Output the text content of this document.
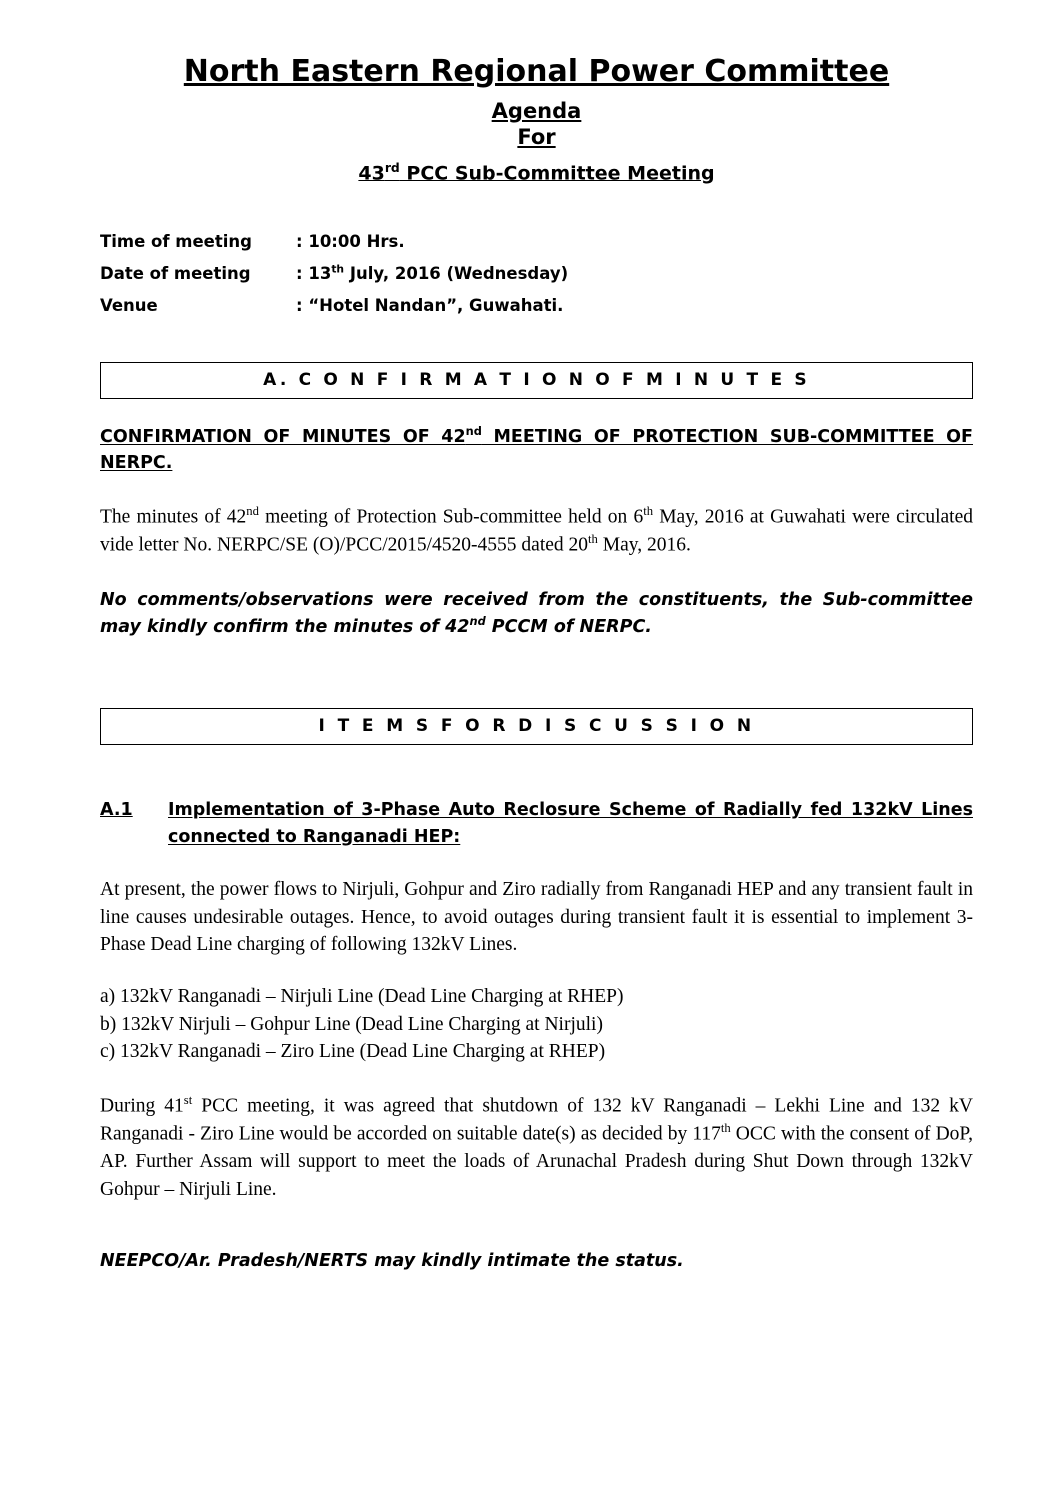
North Eastern Regional Power Committee
Agenda
For
43rd PCC Sub-Committee Meeting
Time of meeting	: 10:00 Hrs.
Date of meeting	: 13th July, 2016 (Wednesday)
Venue	: “Hotel Nandan”, Guwahati.
A. C O N F I R M A T I O N O F M I N U T E S
CONFIRMATION OF MINUTES OF 42nd MEETING OF PROTECTION SUB-COMMITTEE OF NERPC.

The minutes of 42nd meeting of Protection Sub-committee held on 6th May, 2016 at Guwahati were circulated vide letter No. NERPC/SE (O)/PCC/2015/4520-4555 dated 20th May, 2016.

No comments/observations were received from the constituents, the Sub-committee may kindly confirm the minutes of 42nd PCCM of NERPC.

I T E M S F O R D I S C U S S I O N
A.1	Implementation of 3-Phase Auto Reclosure Scheme of Radially fed 132kV Lines connected to Ranganadi HEP:

At present, the power flows to Nirjuli, Gohpur and Ziro radially from Ranganadi HEP and any transient fault in line causes undesirable outages. Hence, to avoid outages during transient fault it is essential to implement 3- Phase Dead Line charging of following 132kV Lines.

a) 132kV Ranganadi – Nirjuli Line (Dead Line Charging at RHEP)
b) 132kV Nirjuli – Gohpur Line (Dead Line Charging at Nirjuli)
c) 132kV Ranganadi – Ziro Line (Dead Line Charging at RHEP)

During 41st PCC meeting, it was agreed that shutdown of 132 kV Ranganadi – Lekhi Line and 132 kV Ranganadi - Ziro Line would be accorded on suitable date(s) as decided by 117th OCC with the consent of DoP, AP. Further Assam will support to meet the loads of Arunachal Pradesh during Shut Down through 132kV Gohpur – Nirjuli Line.

NEEPCO/Ar. Pradesh/NERTS may kindly intimate the status.
